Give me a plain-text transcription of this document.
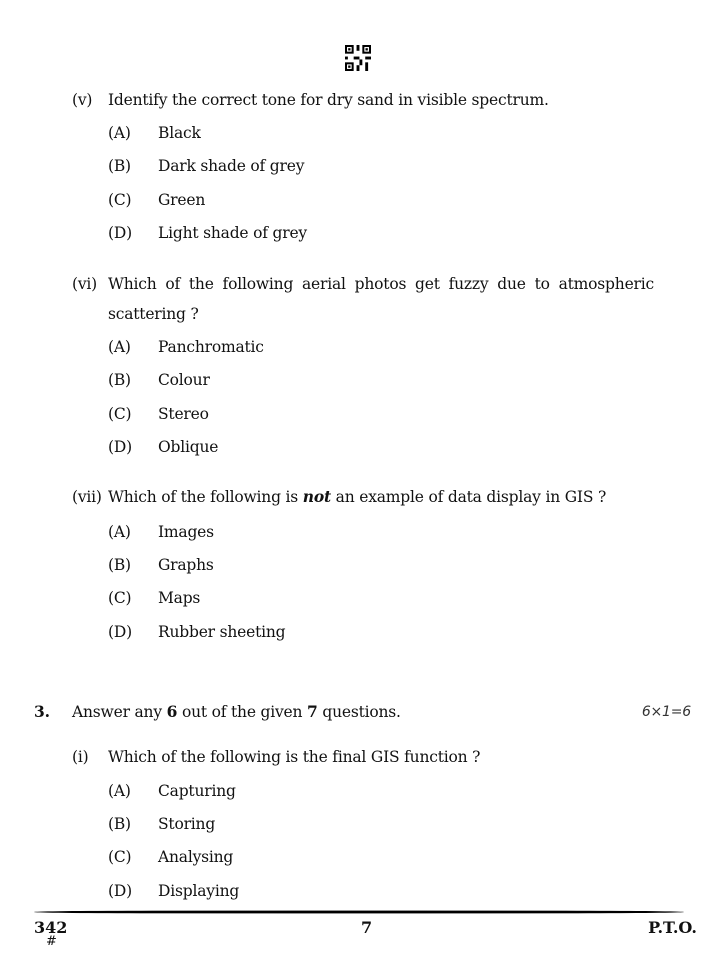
(v) Identify the correct tone for dry sand in visible spectrum.
(A) Black
(B) Dark shade of grey
(C) Green
(D) Light shade of grey
(vi) Which of the following aerial photos get fuzzy due to atmospheric
scattering ?
(A) Panchromatic
(B) Colour
(C) Stereo
(D) Oblique
(vii) Which of the following is not an example of data display in GIS ?
(A) Images
(B) Graphs
(C) Maps
(D) Rubber sheeting
3. Answer any 6 out of the given 7 questions.	6×1=6
(i) Which of the following is the final GIS function ?
(A) Capturing
(B) Storing
(C) Analysing
(D) Displaying
342
#
7	P.T.O.
